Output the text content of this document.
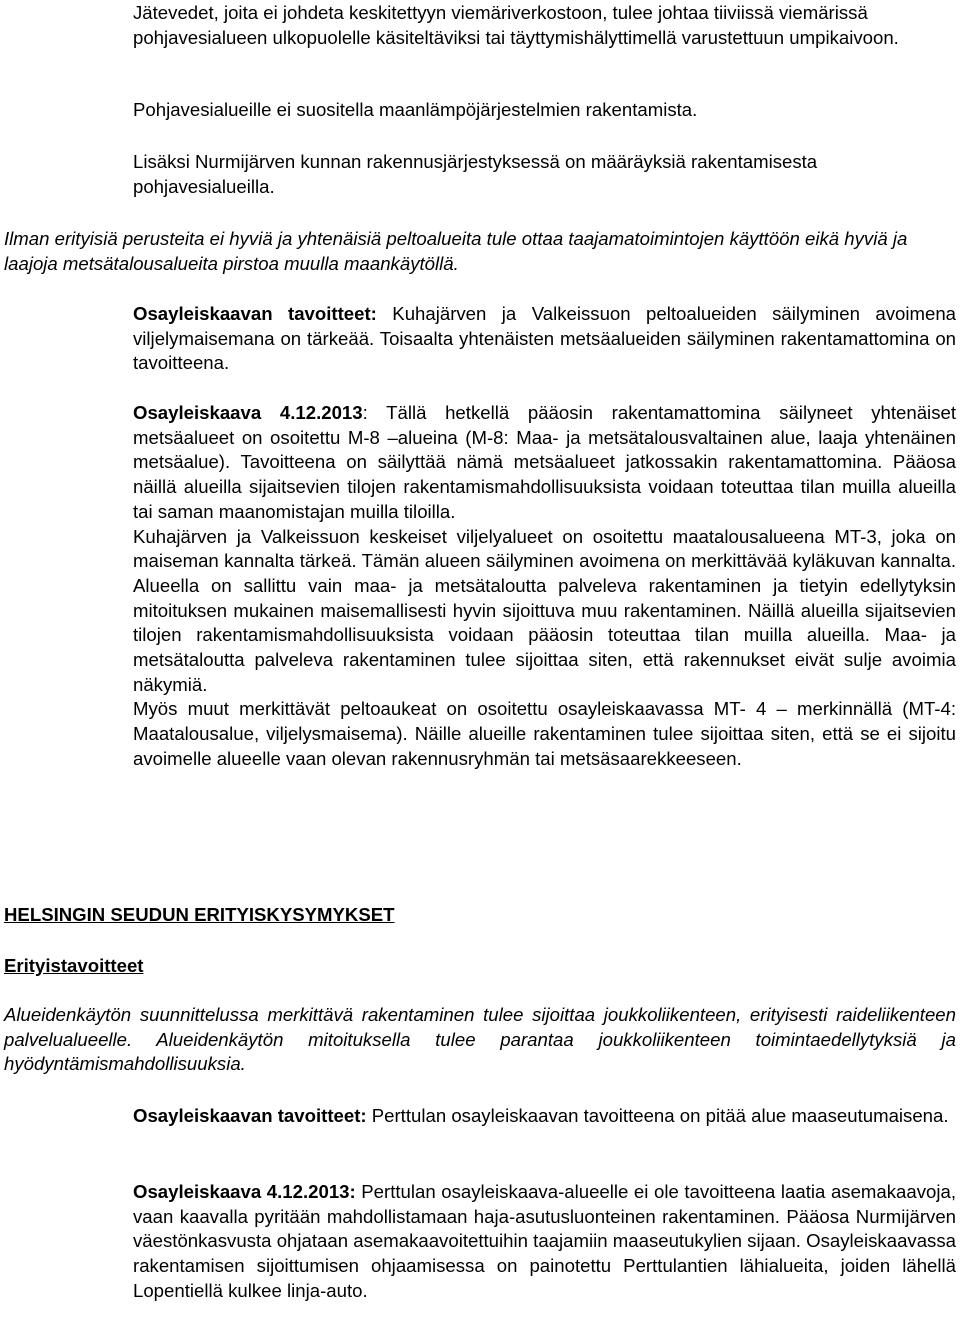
Jätevedet, joita ei johdeta keskitettyyn viemäriverkostoon, tulee johtaa tiiviissä viemärissä pohjavesialueen ulkopuolelle käsiteltäviksi tai täyttymishälyttimellä varustettuun umpikaivoon.

Pohjavesialueille ei suositella maanlämpöjärjestelmien rakentamista.

Lisäksi Nurmijärven kunnan rakennusjärjestyksessä on määräyksiä rakentamisesta pohjavesialueilla.

Ilman erityisiä perusteita ei hyviä ja yhtenäisiä peltoalueita tule ottaa taajamatoimintojen käyttöön eikä hyviä ja laajoja metsätalousalueita pirstoa muulla maankäytöllä.

Osayleiskaavan tavoitteet: Kuhajärven ja Valkeissuon peltoalueiden säilyminen avoimena viljelymaisemana on tärkeää. Toisaalta yhtenäisten metsäalueiden säilyminen rakentamattomina on tavoitteena.

Osayleiskaava 4.12.2013: Tällä hetkellä pääosin rakentamattomina säilyneet yhtenäiset metsäalueet on osoitettu M-8 –alueina (M-8: Maa- ja metsätalousvaltainen alue, laaja yhtenäinen metsäalue). Tavoitteena on säilyttää nämä metsäalueet jatkossakin rakentamattomina. Pääosa näillä alueilla sijaitsevien tilojen rakentamismahdollisuuksista voidaan toteuttaa tilan muilla alueilla tai saman maanomistajan muilla tiloilla.

Kuhajärven ja Valkeissuon keskeiset viljelyalueet on osoitettu maatalousalueena MT-3, joka on maiseman kannalta tärkeä. Tämän alueen säilyminen avoimena on merkittävää kyläkuvan kannalta. Alueella on sallittu vain maa- ja metsätaloutta palveleva rakentaminen ja tietyin edellytyksin mitoituksen mukainen maisemallisesti hyvin sijoittuva muu rakentaminen. Näillä alueilla sijaitsevien tilojen rakentamismahdollisuuksista voidaan pääosin toteuttaa tilan muilla alueilla. Maa- ja metsätaloutta palveleva rakentaminen tulee sijoittaa siten, että rakennukset eivät sulje avoimia näkymiä.

Myös muut merkittävät peltoaukeat on osoitettu osayleiskaavassa MT- 4 – merkinnällä (MT-4: Maatalousalue, viljelysmaisema). Näille alueille rakentaminen tulee sijoittaa siten, että se ei sijoitu avoimelle alueelle vaan olevan rakennusryhmän tai metsäsaarekkeeseen.

HELSINGIN SEUDUN ERITYISKYSYMYKSET
Erityistavoitteet

Alueidenkäytön suunnittelussa merkittävä rakentaminen tulee sijoittaa joukkoliikenteen, erityisesti raideliikenteen palvelualueelle. Alueidenkäytön mitoituksella tulee parantaa joukkoliikenteen toimintaedellytyksiä ja hyödyntämismahdollisuuksia.

Osayleiskaavan tavoitteet: Perttulan osayleiskaavan tavoitteena on pitää alue maaseutumaisena.

Osayleiskaava 4.12.2013: Perttulan osayleiskaava-alueelle ei ole tavoitteena laatia asemakaavoja, vaan kaavalla pyritään mahdollistamaan haja-asutusluonteinen rakentaminen. Pääosa Nurmijärven väestönkasvusta ohjataan asemakaavoitettuihin taajamiin maaseutukylien sijaan. Osayleiskaavassa rakentamisen sijoittumisen ohjaamisessa on painotettu Perttulantien lähialueita, joiden lähellä Lopentiellä kulkee linja-auto.
